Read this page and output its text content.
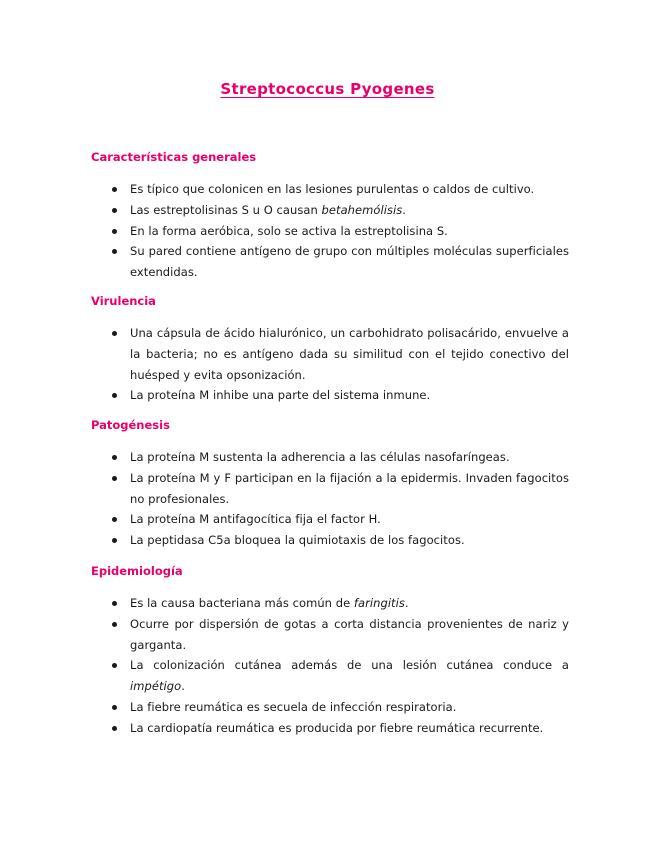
Streptococcus Pyogenes
Características generales
Es típico que colonicen en las lesiones purulentas o caldos de cultivo.
Las estreptolisinas S u O causan betahemólisis.
En la forma aeróbica, solo se activa la estreptolisina S.
Su pared contiene antígeno de grupo con múltiples moléculas superficiales extendidas.
Virulencia
Una cápsula de ácido hialurónico, un carbohidrato polisacárido, envuelve a la bacteria; no es antígeno dada su similitud con el tejido conectivo del huésped y evita opsonización.
La proteína M inhibe una parte del sistema inmune.
Patogénesis
La proteína M sustenta la adherencia a las células nasofaríngeas.
La proteína M y F participan en la fijación a la epidermis. Invaden fagocitos no profesionales.
La proteína M antifagocítica fija el factor H.
La peptidasa C5a bloquea la quimiotaxis de los fagocitos.
Epidemiología
Es la causa bacteriana más común de faringitis.
Ocurre por dispersión de gotas a corta distancia provenientes de nariz y garganta.
La colonización cutánea además de una lesión cutánea conduce a impétigo.
La fiebre reumática es secuela de infección respiratoria.
La cardiopatía reumática es producida por fiebre reumática recurrente.
